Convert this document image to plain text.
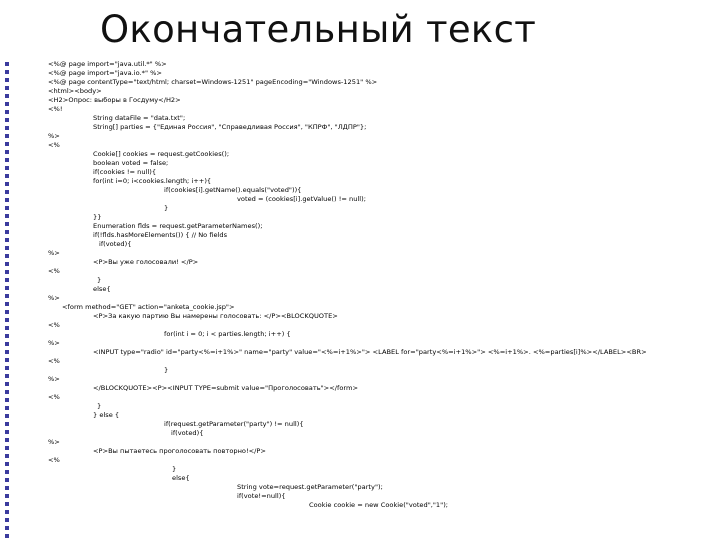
Окончательный текст
<%@ page import="java.util.*" %>
<%@ page import="java.io.*" %>
<%@ page contentType="text/html; charset=Windows-1251" pageEncoding="Windows-1251" %>
<html><body>
<H2>Опрос: выборы в Госдуму</H2>
<%!
String dataFile = "data.txt";
String[] parties = {"Единая Россия", "Справедливая Россия", "КПРФ", "ЛДПР"};
%>
<%
Cookie[] cookies = request.getCookies();
boolean voted = false;
if(cookies != null){
for(int i=0; i<cookies.length; i++){
if(cookies[i].getName().equals("voted")){
voted = (cookies[i].getValue() != null);
}
}}
Enumeration flds = request.getParameterNames();
if(!flds.hasMoreElements()) { // No fields
if(voted){
%>
<P>Вы уже голосовали! </P>
<%
}
else{
%>
<form method="GET" action="anketa_cookie.jsp">
<P>За какую партию Вы намерены голосовать: </P><BLOCKQUOTE>
<%
for(int i = 0; i < parties.length; i++) {
%>
<INPUT type="radio" id="party<%=i+1%>" name="party" value="<%=i+1%>"> <LABEL for="party<%=i+1%>"> <%=i+1%>. <%=parties[i]%></LABEL><BR>
<%
}
%>
</BLOCKQUOTE><P><INPUT TYPE=submit value="Проголосовать"></form>
<%
}
} else {
if(request.getParameter("party") != null){
if(voted){
%>
<P>Вы пытаетесь проголосовать повторно!</P>
<%
}
else{
String vote=request.getParameter("party");
if(vote!=null){
Cookie cookie = new Cookie("voted","1");
